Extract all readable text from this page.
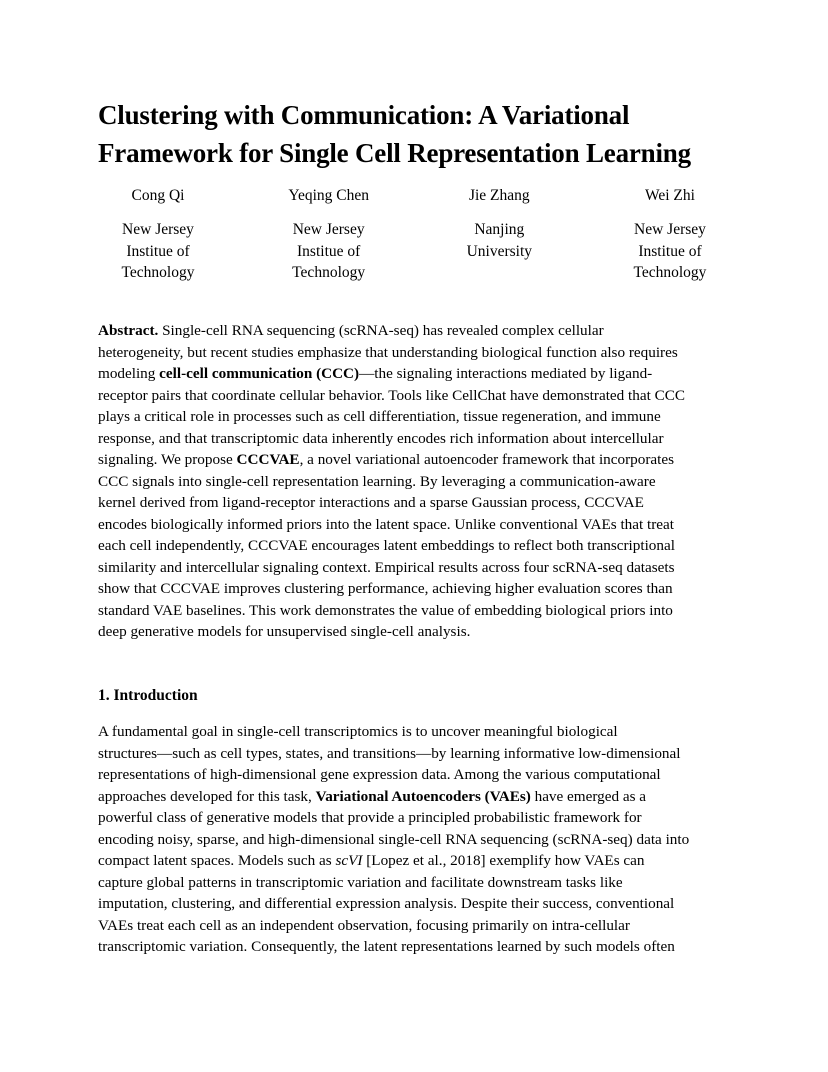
Clustering with Communication: A Variational
Framework for Single Cell Representation Learning
Cong Qi
New Jersey
Institue of
Technology
Yeqing Chen
New Jersey
Institue of
Technology
Jie Zhang
Nanjing
University
Wei Zhi
New Jersey
Institue of
Technology
Abstract. Single-cell RNA sequencing (scRNA-seq) has revealed complex cellular
heterogeneity, but recent studies emphasize that understanding biological function also requires
modeling cell-cell communication (CCC)—the signaling interactions mediated by ligand-
receptor pairs that coordinate cellular behavior. Tools like CellChat have demonstrated that CCC
plays a critical role in processes such as cell differentiation, tissue regeneration, and immune
response, and that transcriptomic data inherently encodes rich information about intercellular
signaling. We propose CCCVAE, a novel variational autoencoder framework that incorporates
CCC signals into single-cell representation learning. By leveraging a communication-aware
kernel derived from ligand-receptor interactions and a sparse Gaussian process, CCCVAE
encodes biologically informed priors into the latent space. Unlike conventional VAEs that treat
each cell independently, CCCVAE encourages latent embeddings to reflect both transcriptional
similarity and intercellular signaling context. Empirical results across four scRNA-seq datasets
show that CCCVAE improves clustering performance, achieving higher evaluation scores than
standard VAE baselines. This work demonstrates the value of embedding biological priors into
deep generative models for unsupervised single-cell analysis.
1. Introduction
A fundamental goal in single-cell transcriptomics is to uncover meaningful biological
structures—such as cell types, states, and transitions—by learning informative low-dimensional
representations of high-dimensional gene expression data. Among the various computational
approaches developed for this task, Variational Autoencoders (VAEs) have emerged as a
powerful class of generative models that provide a principled probabilistic framework for
encoding noisy, sparse, and high-dimensional single-cell RNA sequencing (scRNA-seq) data into
compact latent spaces. Models such as scVI [Lopez et al., 2018] exemplify how VAEs can
capture global patterns in transcriptomic variation and facilitate downstream tasks like
imputation, clustering, and differential expression analysis. Despite their success, conventional
VAEs treat each cell as an independent observation, focusing primarily on intra-cellular
transcriptomic variation. Consequently, the latent representations learned by such models often
